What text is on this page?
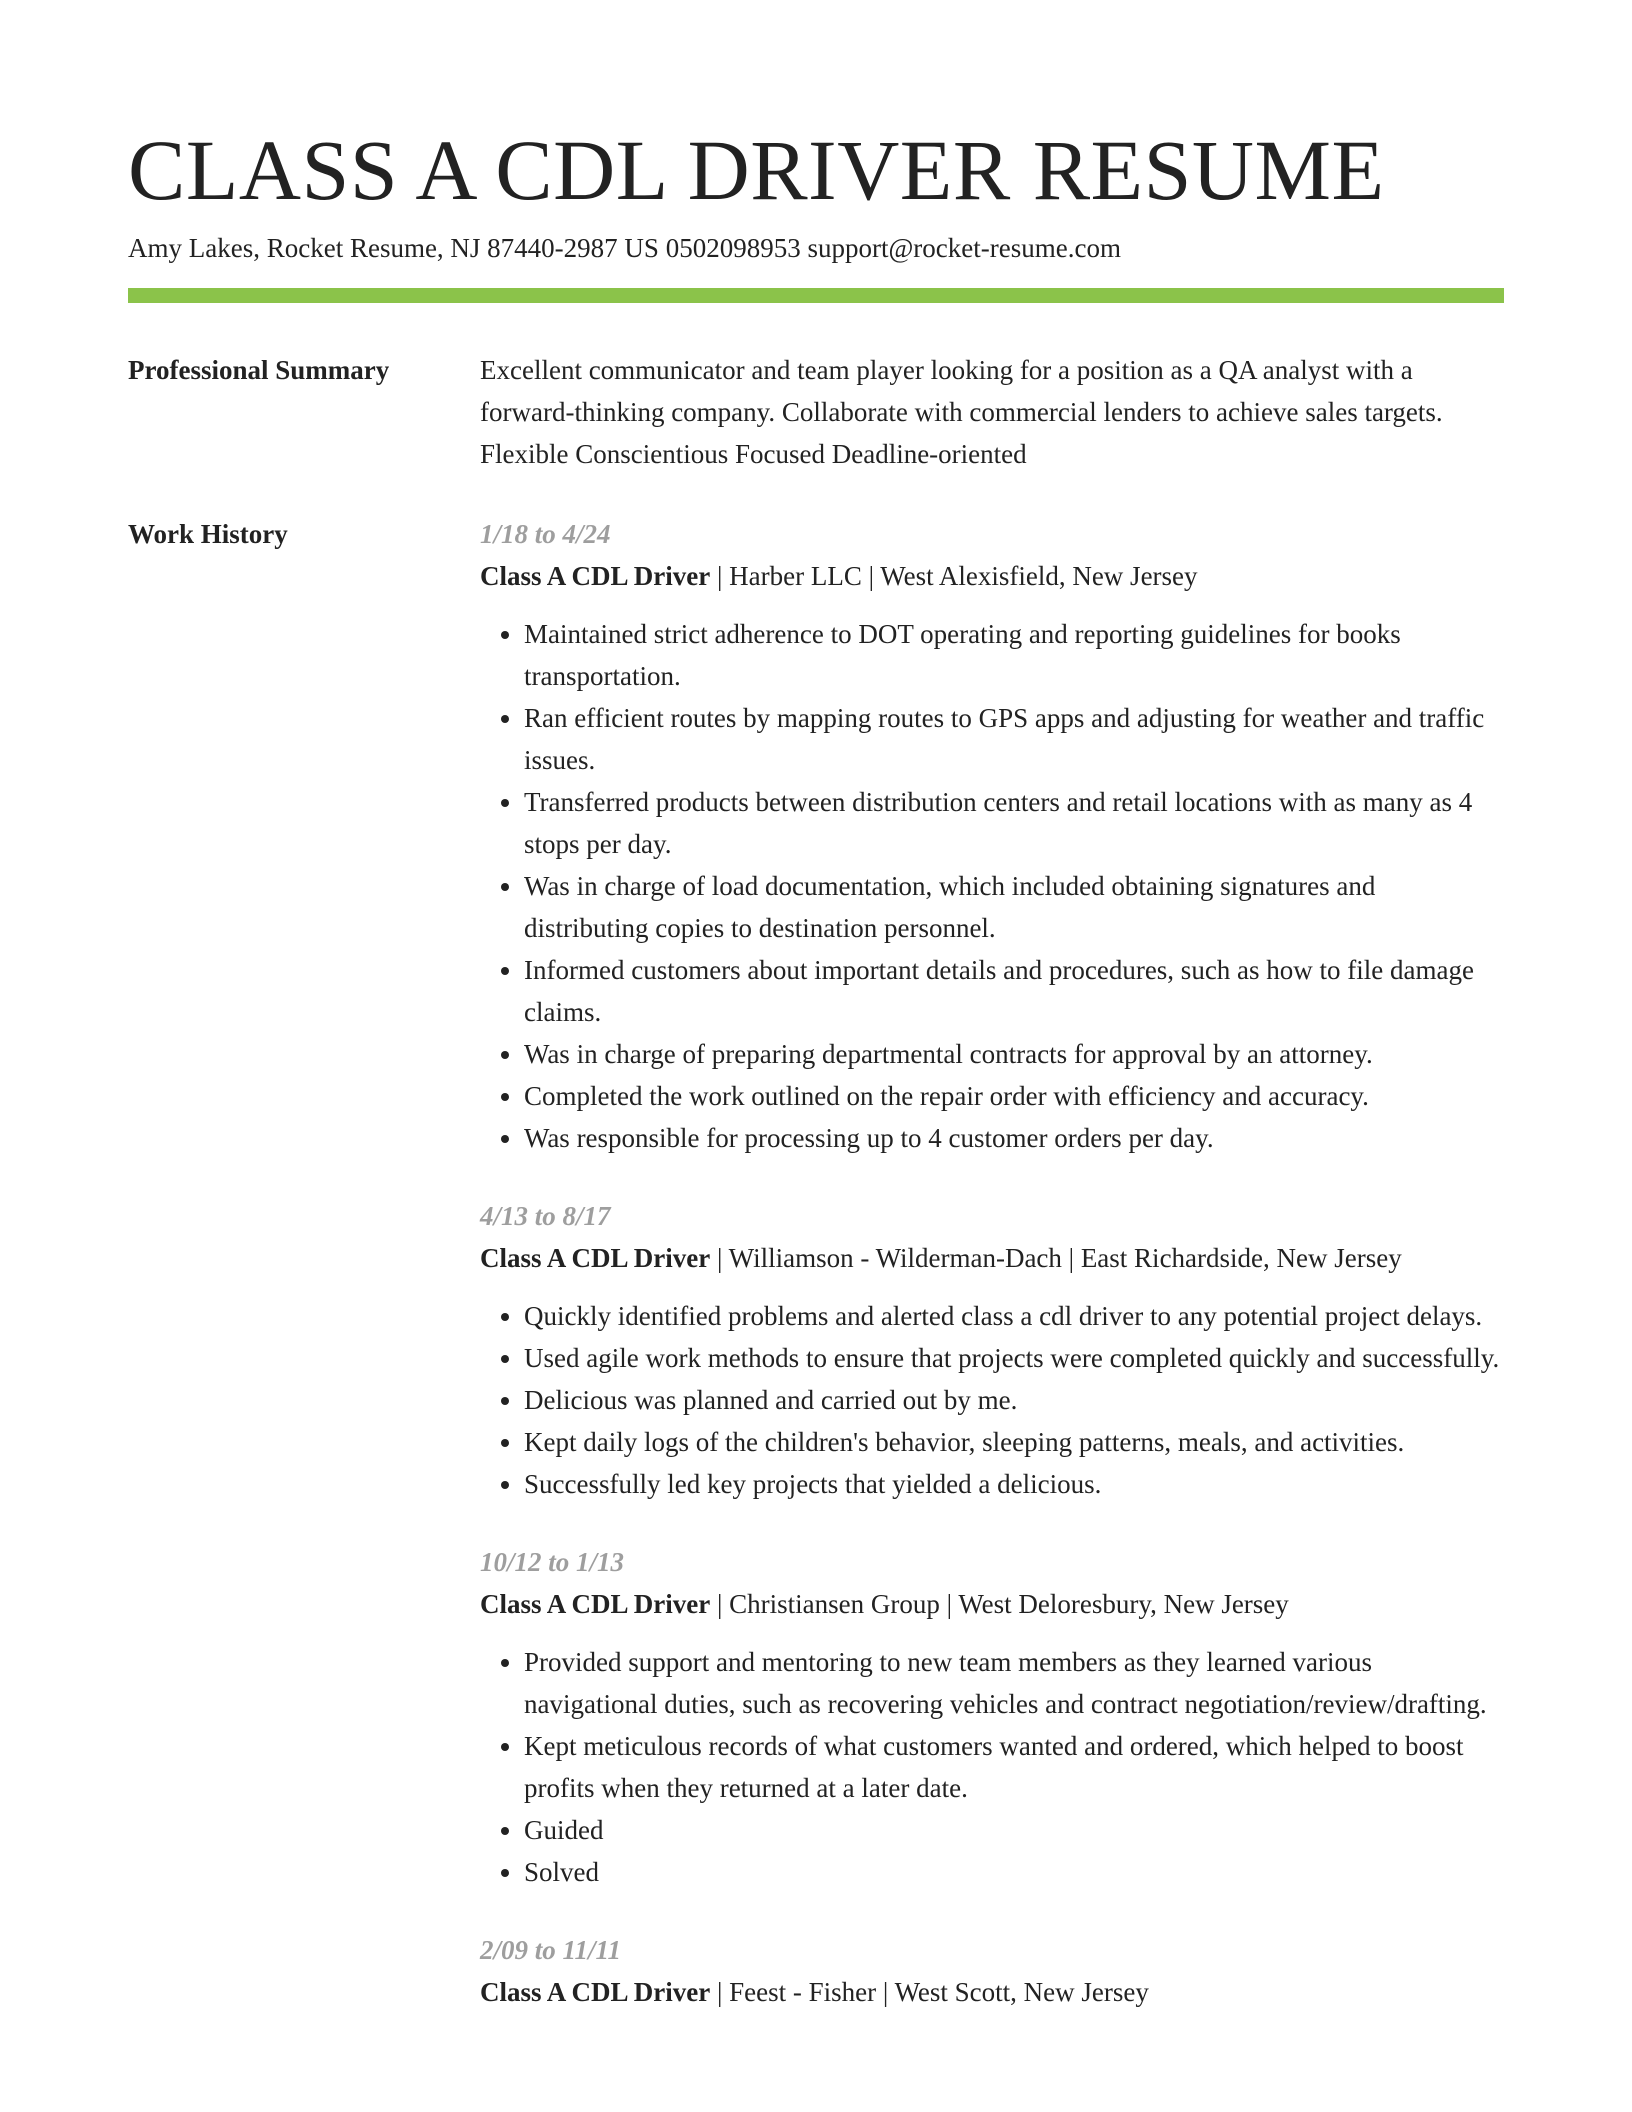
CLASS A CDL DRIVER RESUME
Amy Lakes, Rocket Resume, NJ 87440-2987 US 0502098953 support@rocket-resume.com
Professional Summary	Excellent communicator and team player looking for a position as a QA analyst with a forward-thinking company. Collaborate with commercial lenders to achieve sales targets. Flexible Conscientious Focused Deadline-oriented

Work History	1/18 to 4/24
Class A CDL Driver | Harber LLC | West Alexisfield, New Jersey
• Maintained strict adherence to DOT operating and reporting guidelines for books transportation.
• Ran efficient routes by mapping routes to GPS apps and adjusting for weather and traffic issues.
• Transferred products between distribution centers and retail locations with as many as 4 stops per day.
• Was in charge of load documentation, which included obtaining signatures and distributing copies to destination personnel.
• Informed customers about important details and procedures, such as how to file damage claims.
• Was in charge of preparing departmental contracts for approval by an attorney.
• Completed the work outlined on the repair order with efficiency and accuracy.
• Was responsible for processing up to 4 customer orders per day.
4/13 to 8/17
Class A CDL Driver | Williamson - Wilderman-Dach | East Richardside, New Jersey
• Quickly identified problems and alerted class a cdl driver to any potential project delays.
• Used agile work methods to ensure that projects were completed quickly and successfully.
• Delicious was planned and carried out by me.
• Kept daily logs of the children's behavior, sleeping patterns, meals, and activities.
• Successfully led key projects that yielded a delicious.
10/12 to 1/13
Class A CDL Driver | Christiansen Group | West Deloresbury, New Jersey
• Provided support and mentoring to new team members as they learned various navigational duties, such as recovering vehicles and contract negotiation/review/drafting.
• Kept meticulous records of what customers wanted and ordered, which helped to boost profits when they returned at a later date.
• Guided
• Solved
2/09 to 11/11
Class A CDL Driver | Feest - Fisher | West Scott, New Jersey
